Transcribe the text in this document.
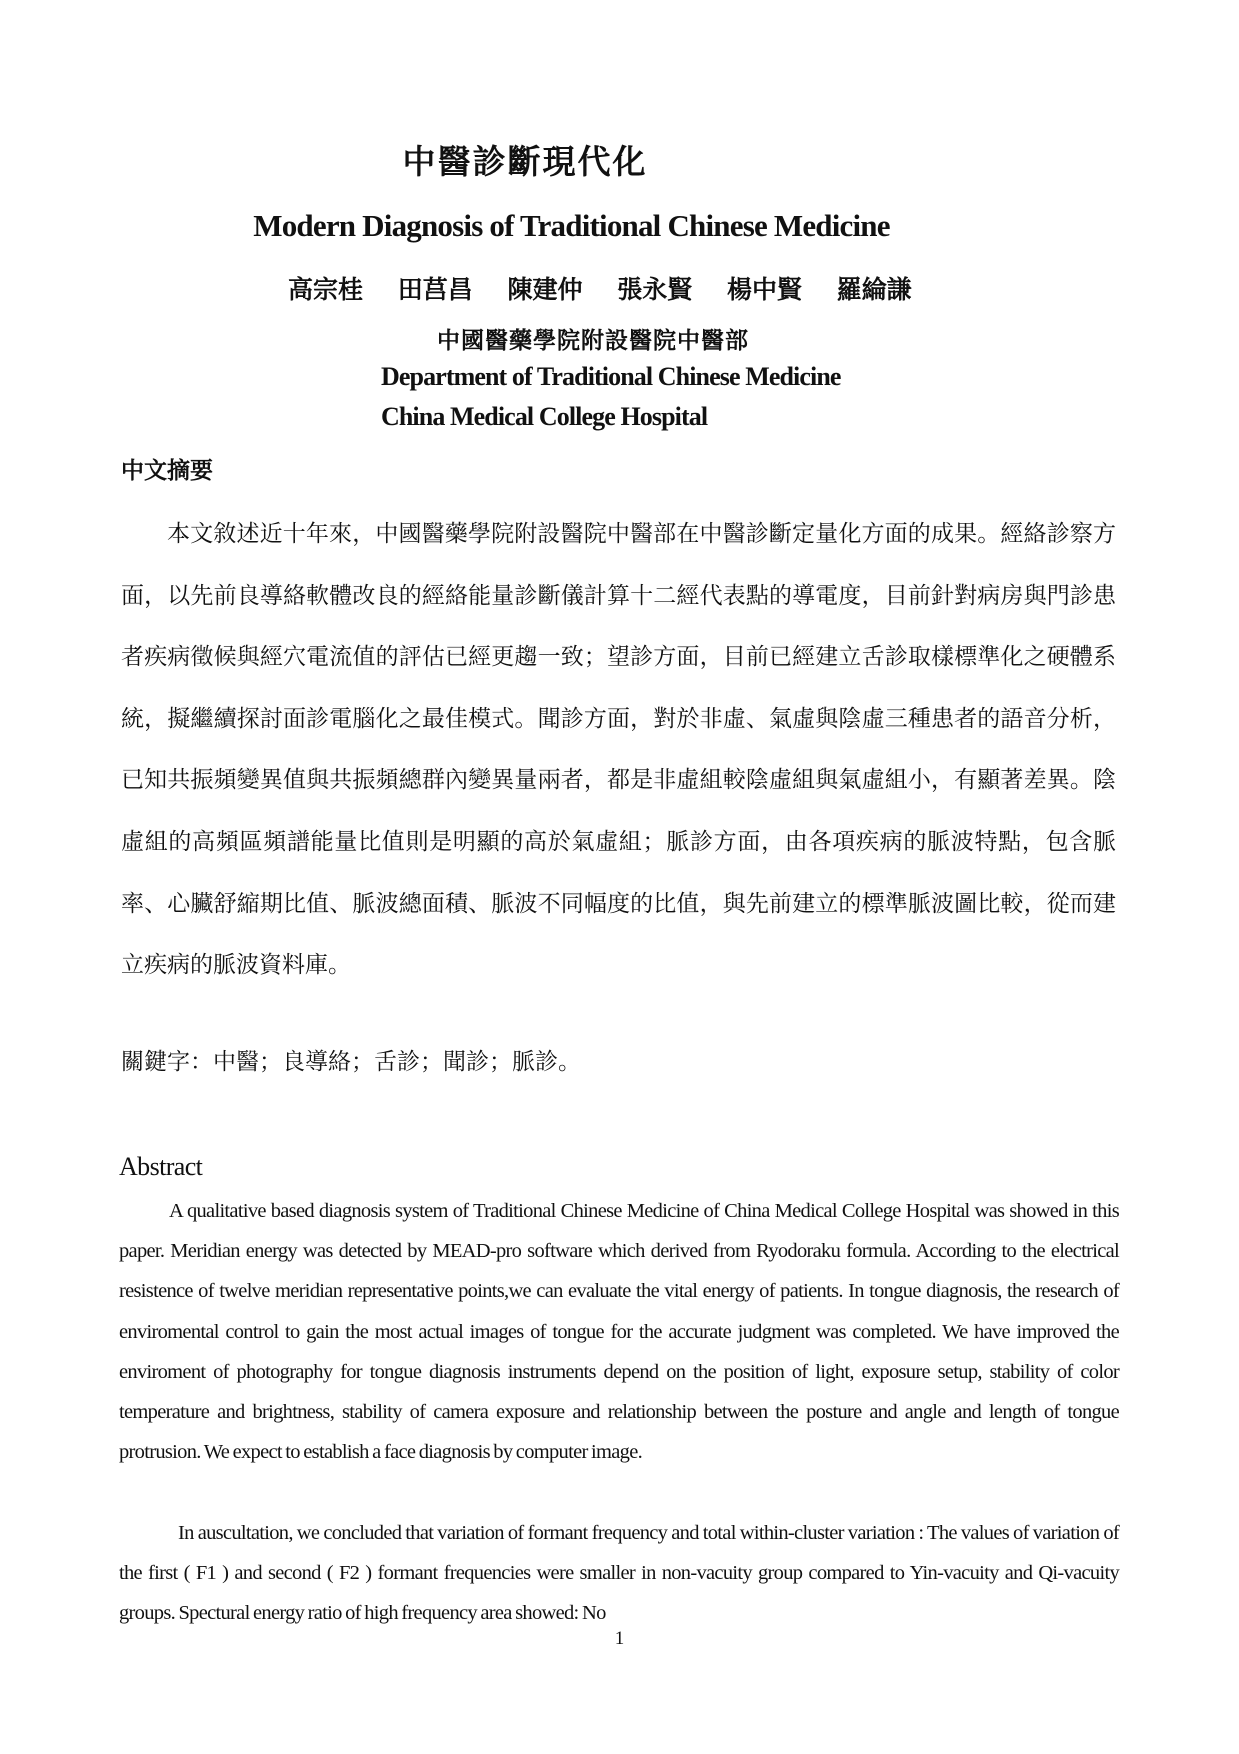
中醫診斷現代化
Modern Diagnosis of Traditional Chinese Medicine
高宗桂 田莒昌 陳建仲 張永賢 楊中賢 羅綸謙
中國醫藥學院附設醫院中醫部
Department of Traditional Chinese Medicine
China Medical College Hospital
中文摘要

本文敘述近十年來，中國醫藥學院附設醫院中醫部在中醫診斷定量化方面的成果。經絡診察方面，以先前良導絡軟體改良的經絡能量診斷儀計算十二經代表點的導電度，目前針對病房與門診患者疾病徵候與經穴電流值的評估已經更趨一致；望診方面，目前已經建立舌診取樣標準化之硬體系統，擬繼續探討面診電腦化之最佳模式。聞診方面，對於非虛、氣虛與陰虛三種患者的語音分析，已知共振頻變異值與共振頻總群內變異量兩者，都是非虛組較陰虛組與氣虛組小，有顯著差異。陰虛組的高頻區頻譜能量比值則是明顯的高於氣虛組；脈診方面，由各項疾病的脈波特點，包含脈率、心臟舒縮期比值、脈波總面積、脈波不同幅度的比值，與先前建立的標準脈波圖比較，從而建立疾病的脈波資料庫。

關鍵字：中醫；良導絡；舌診；聞診；脈診。
Abstract

A qualitative based diagnosis system of Traditional Chinese Medicine of China Medical College Hospital was showed in this paper. Meridian energy was detected by MEAD-pro software which derived from Ryodoraku formula. According to the electrical resistence of twelve meridian representative points,we can evaluate the vital energy of patients. In tongue diagnosis, the research of enviromental control to gain the most actual images of tongue for the accurate judgment was completed. We have improved the enviroment of photography for tongue diagnosis instruments depend on the position of light, exposure setup, stability of color temperature and brightness, stability of camera exposure and relationship between the posture and angle and length of tongue protrusion. We expect to establish a face diagnosis by computer image.

In auscultation, we concluded that variation of formant frequency and total within-cluster variation : The values of variation of the first ( F1 ) and second ( F2 ) formant frequencies were smaller in non-vacuity group compared to Yin-vacuity and Qi-vacuity groups. Spectural energy ratio of high frequency area showed: No

1
